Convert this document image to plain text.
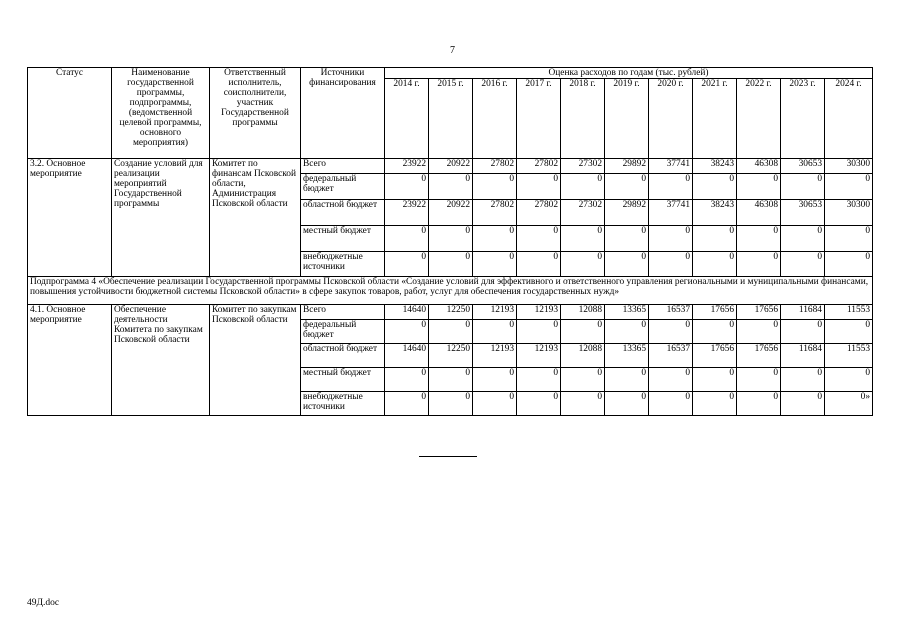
7
Статус	Наименование государственной программы, подпрограммы, (ведомственной целевой программы, основного мероприятия)	Ответственный исполнитель, соисполнители, участник Государственной программы	Источники финансирования	Оценка расходов по годам (тыс. рублей)										
				2014 г.	2015 г.	2016 г.	2017 г.	2018 г.	2019 г.	2020 г.	2021 г.	2022 г.	2023 г.	2024 г.
3.2. Основное мероприятие	Создание условий для реализации мероприятий Государственной программы	Комитет по финансам Псковской области, Администрация Псковской области	Всего	23922	20922	27802	27802	27302	29892	37741	38243	46308	30653	30300
			федеральный бюджет	0	0	0	0	0	0	0	0	0	0	0
			областной бюджет	23922	20922	27802	27802	27302	29892	37741	38243	46308	30653	30300
			местный бюджет	0	0	0	0	0	0	0	0	0	0	0
			внебюджетные источники	0	0	0	0	0	0	0	0	0	0	0
Подпрограмма 4 «Обеспечение реализации Государственной программы Псковской области «Создание условий для эффективного и ответственного управления региональными и муниципальными финансами, повышения устойчивости бюджетной системы Псковской области» в сфере закупок товаров, работ, услуг для обеспечения государственных нужд»														
4.1. Основное мероприятие	Обеспечение деятельности Комитета по закупкам Псковской области	Комитет по закупкам Псковской области	Всего	14640	12250	12193	12193	12088	13365	16537	17656	17656	11684	11553
			федеральный бюджет	0	0	0	0	0	0	0	0	0	0	0
			областной бюджет	14640	12250	12193	12193	12088	13365	16537	17656	17656	11684	11553
			местный бюджет	0	0	0	0	0	0	0	0	0	0	0
			внебюджетные источники	0	0	0	0	0	0	0	0	0	0	0»
49Д.doc
